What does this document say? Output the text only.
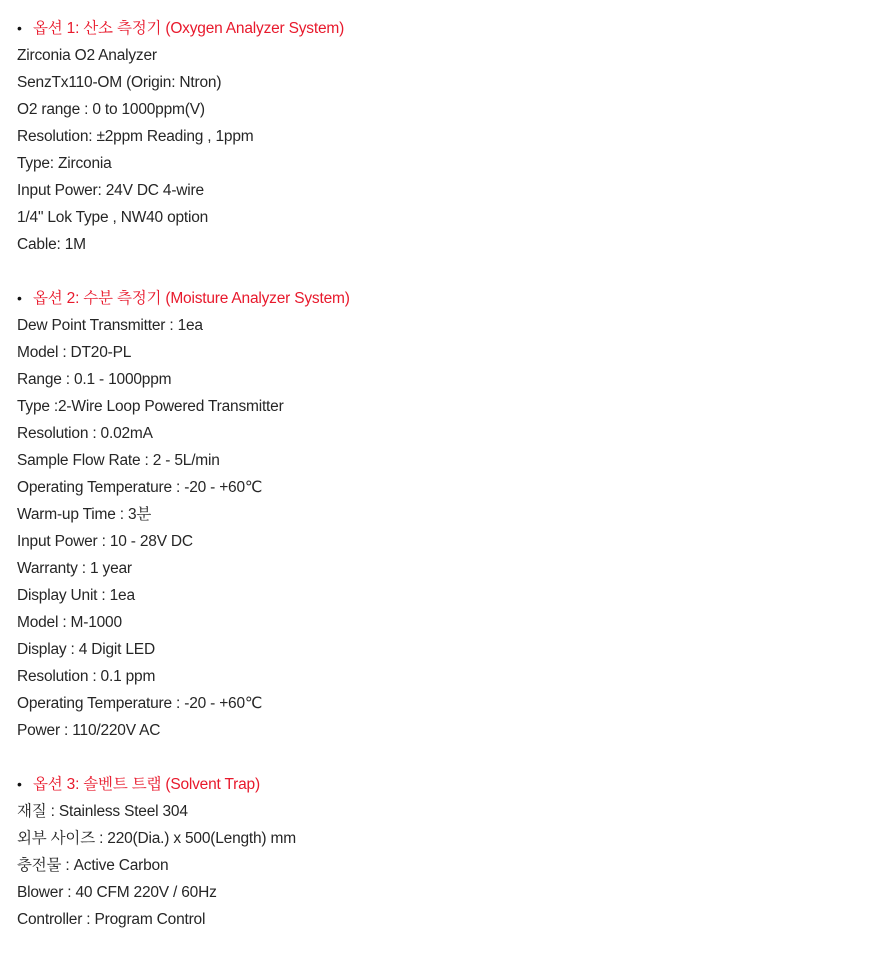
• 옵션 1: 산소 측정기 (Oxygen Analyzer System)
Zirconia O2 Analyzer
SenzTx110-OM (Origin: Ntron)
O2 range : 0 to 1000ppm(V)
Resolution: ±2ppm Reading , 1ppm
Type: Zirconia
Input Power: 24V DC 4-wire
1/4" Lok Type , NW40 option
Cable: 1M
• 옵션 2: 수분 측정기 (Moisture Analyzer System)
Dew Point Transmitter : 1ea
Model : DT20-PL
Range : 0.1 - 1000ppm
Type :2-Wire Loop Powered Transmitter
Resolution : 0.02mA
Sample Flow Rate : 2 - 5L/min
Operating Temperature : -20 - +60℃
Warm-up Time : 3분
Input Power : 10 - 28V DC
Warranty : 1 year
Display Unit : 1ea
Model : M-1000
Display : 4 Digit LED
Resolution : 0.1 ppm
Operating Temperature : -20 - +60℃
Power : 110/220V AC
• 옵션 3: 솔벤트 트랩 (Solvent Trap)
재질 : Stainless Steel 304
외부 사이즈 : 220(Dia.) x 500(Length) mm
충전물 : Active Carbon
Blower : 40 CFM 220V / 60Hz
Controller : Program Control
